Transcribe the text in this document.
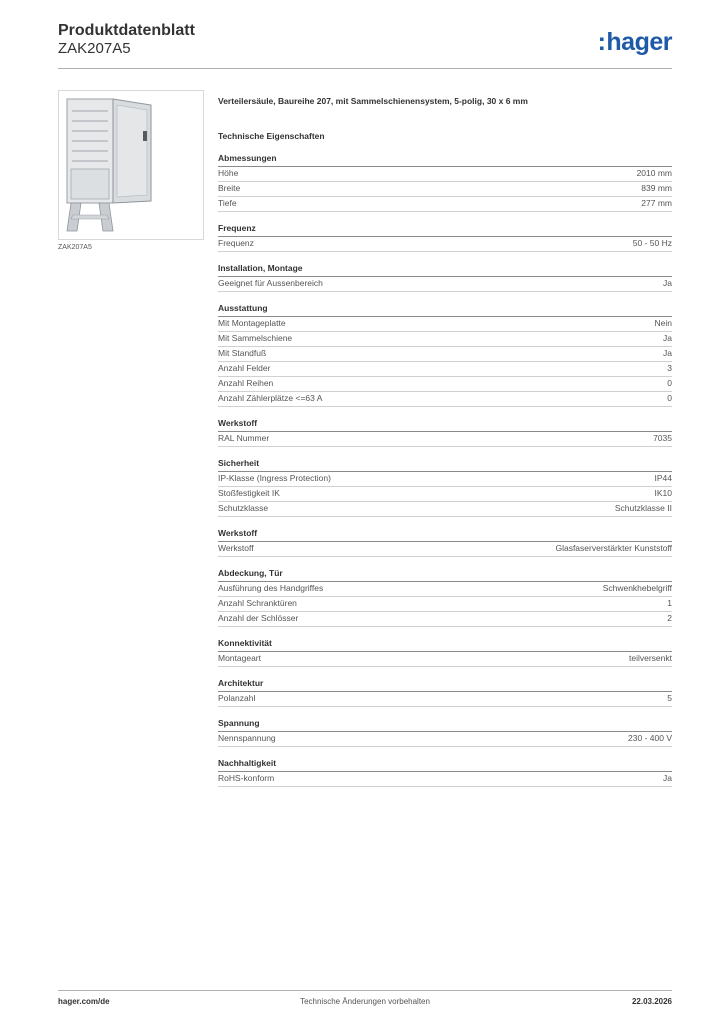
Produktdatenblatt
ZAK207A5	:hager
ZAK207A5
Verteilersäule, Baureihe 207, mit Sammelschienensystem, 5-polig, 30 x 6 mm
Technische Eigenschaften
Abmessungen
Höhe	2010 mm
Breite	839 mm
Tiefe	277 mm
Frequenz
Frequenz	50 - 50 Hz
Installation, Montage
Geeignet für Aussenbereich	Ja
Ausstattung
Mit Montageplatte	Nein
Mit Sammelschiene	Ja
Mit Standfuß	Ja
Anzahl Felder	3
Anzahl Reihen	0
Anzahl Zählerplätze <=63 A	0
Werkstoff
RAL Nummer	7035
Sicherheit
IP-Klasse (Ingress Protection)	IP44
Stoßfestigkeit IK	IK10
Schutzklasse	Schutzklasse II
Werkstoff
Werkstoff	Glasfaserverstärkter Kunststoff
Abdeckung, Tür
Ausführung des Handgriffes	Schwenkhebelgriff
Anzahl Schranktüren	1
Anzahl der Schlösser	2
Konnektivität
Montageart	teilversenkt
Architektur
Polanzahl	5
Spannung
Nennspannung	230 - 400 V
Nachhaltigkeit
RoHS-konform	Ja
hager.com/de	Technische Änderungen vorbehalten	22.03.2026
